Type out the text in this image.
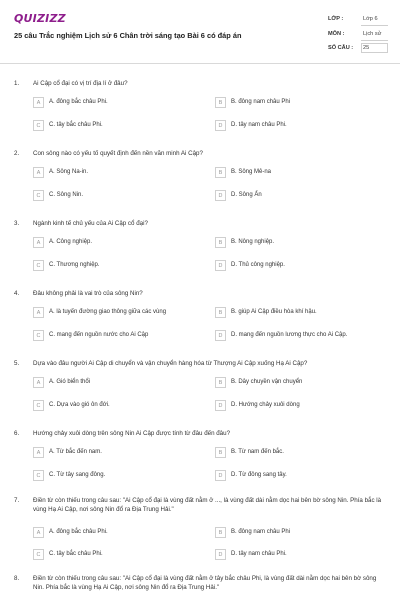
QUIZIZZ
25 câu Trắc nghiệm Lịch sử 6 Chân trời sáng tạo Bài 6 có đáp án
LỚP :	Lớp 6
MÔN :	Lịch sử
SỐ CÂU : 25
1. Ai Cập cổ đại có vị trí địa lí ở đâu?
A	A. đông bắc châu Phi.	B	B. đông nam châu Phi
C	C. tây bắc châu Phi.	D	D. tây nam châu Phi.
2. Con sông nào có yếu tố quyết định đến nền văn minh Ai Cập?
A	A. Sông Na-in.	B	B. Sông Mê-na
C	C. Sông Nin.	D	D. Sông Ấn
3. Ngành kinh tế chủ yếu của Ai Cập cổ đại?
A	A. Công nghiệp.	B	B. Nông nghiệp.
C	C. Thương nghiệp.	D	D. Thủ công nghiệp.
4. Đâu không phải là vai trò của sông Nin?
A	A. là tuyến đường giao thông giữa các vùng	B	B. giúp Ai Cập điều hòa khí hậu.
C	C. mang đến nguồn nước cho Ai Cập	D	D. mang đến nguồn lương thực cho Ai Cập.
5. Dựa vào đâu người Ai Cập di chuyển và vận chuyển hàng hóa từ Thượng Ai Cập xuống Hạ Ai Cập?
A	A. Gió biển thổi	B	B. Dây chuyền vận chuyển
C	C. Dựa vào gió ôn đới.	D	D. Hướng chảy xuôi dòng
6. Hướng chảy xuôi dòng trên sông Nin Ai Cập được tính từ đâu đến đâu?
A	A. Từ bắc đến nam.	B	B. Từ nam đến bắc.
C	C. Từ tây sang đông.	D	D. Từ đông sang tây.
7. Điền từ còn thiếu trong câu sau: "Ai Cập cổ đại là vùng đất nằm ở ..., là vùng đất dài nằm dọc hai bên bờ sông Nin. Phía bắc là vùng Hạ Ai Cập, nơi sông Nin đổ ra Địa Trung Hải."
A	A. đông bắc châu Phi.	B	B. đông nam châu Phi
C	C. tây bắc châu Phi.	D	D. tây nam châu Phi.
8. Điền từ còn thiếu trong câu sau: "Ai Cập cổ đại là vùng đất nằm ở tây bắc châu Phi, là vùng đất dài nằm dọc hai bên bờ sông Nin. Phía bắc là vùng Hạ Ai Cập, nơi sông Nin đổ ra Địa Trung Hải."
